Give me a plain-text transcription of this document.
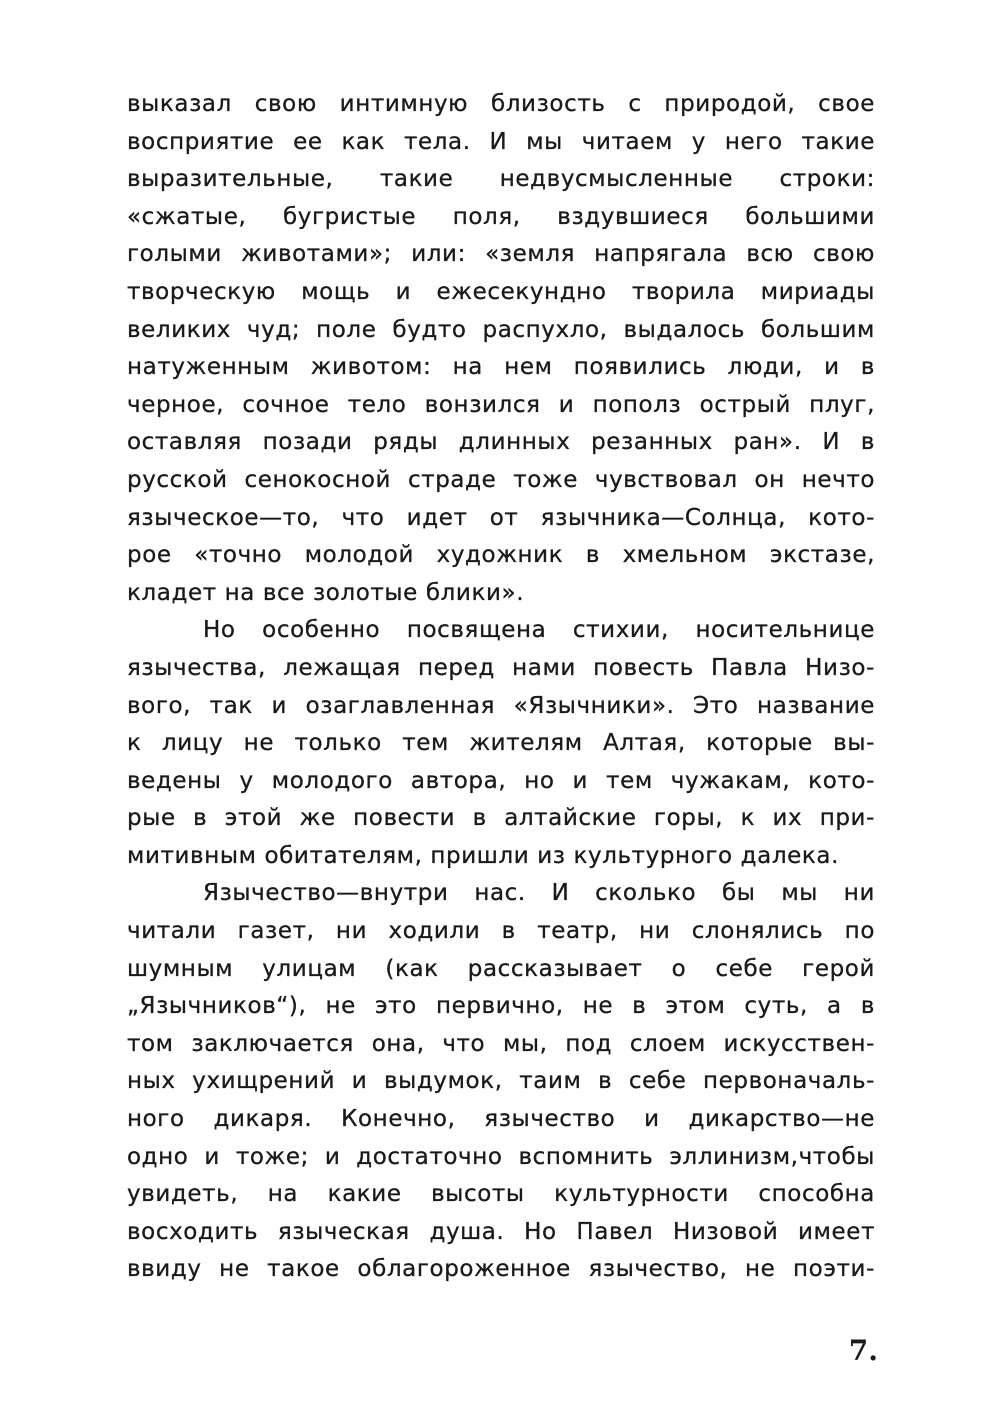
выказал свою интимную близость с природой, свое
восприятие ее как тела. И мы читаем у него такие
выразительные, такие недвусмысленные строки:
«сжатые, бугристые поля, вздувшиеся большими
голыми животами»; или: «земля напрягала всю свою
творческую мощь и ежесекундно творила мириады
великих чуд; поле будто распухло, выдалось большим
натуженным животом: на нем появились люди, и в
черное, сочное тело вонзился и пополз острый плуг,
оставляя позади ряды длинных резанных ран». И в
русской сенокосной страде тоже чувствовал он нечто
языческое—то, что идет от язычника—Солнца, кото-
рое «точно молодой художник в хмельном экстазе,
кладет на все золотые блики».
Но особенно посвящена стихии, носительнице
язычества, лежащая перед нами повесть Павла Низо-
вого, так и озаглавленная «Язычники». Это название
к лицу не только тем жителям Алтая, которые вы-
ведены у молодого автора, но и тем чужакам, кото-
рые в этой же повести в алтайские горы, к их при-
митивным обитателям, пришли из культурного далека.
Язычество—внутри нас. И сколько бы мы ни
читали газет, ни ходили в театр, ни слонялись по
шумным улицам (как рассказывает о себе герой
„Язычников“), не это первично, не в этом суть, а в
том заключается она, что мы, под слоем искусствен-
ных ухищрений и выдумок, таим в себе первоначаль-
ного дикаря. Конечно, язычество и дикарство—не
одно и тоже; и достаточно вспомнить эллинизм,чтобы
увидеть, на какие высоты культурности способна
восходить языческая душа. Но Павел Низовой имеет
ввиду не такое облагороженное язычество, не поэти-
7.
